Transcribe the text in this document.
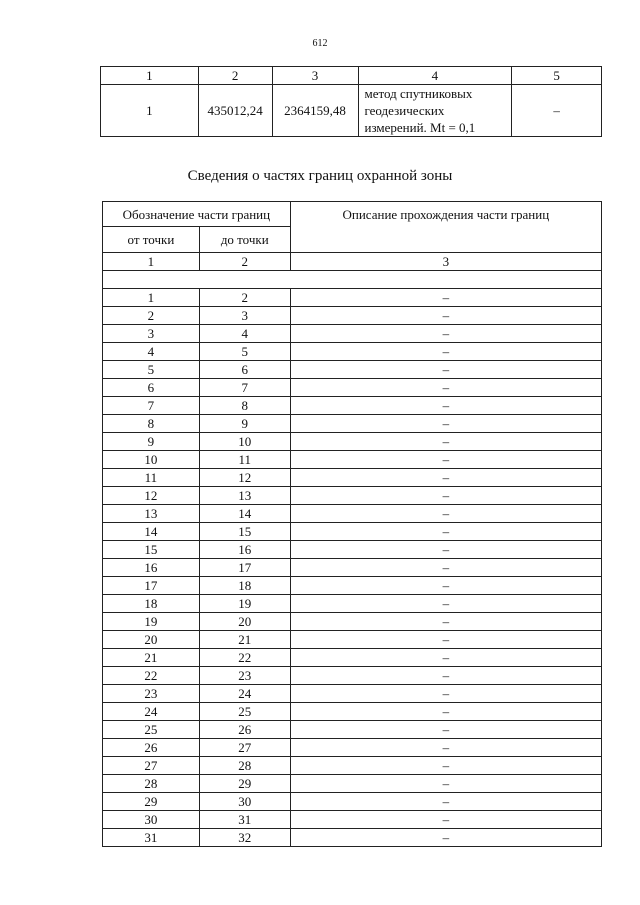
612
1	2	3	4	5
1	435012,24	2364159,48	метод спутниковых
геодезических
измерений. Mt = 0,1	–
Сведения о частях границ охранной зоны
Обозначение части границ		Описание прохождения части границ
от точки	до точки	
1	2	3

1	2	–
2	3	–
3	4	–
4	5	–
5	6	–
6	7	–
7	8	–
8	9	–
9	10	–
10	11	–
11	12	–
12	13	–
13	14	–
14	15	–
15	16	–
16	17	–
17	18	–
18	19	–
19	20	–
20	21	–
21	22	–
22	23	–
23	24	–
24	25	–
25	26	–
26	27	–
27	28	–
28	29	–
29	30	–
30	31	–
31	32	–
